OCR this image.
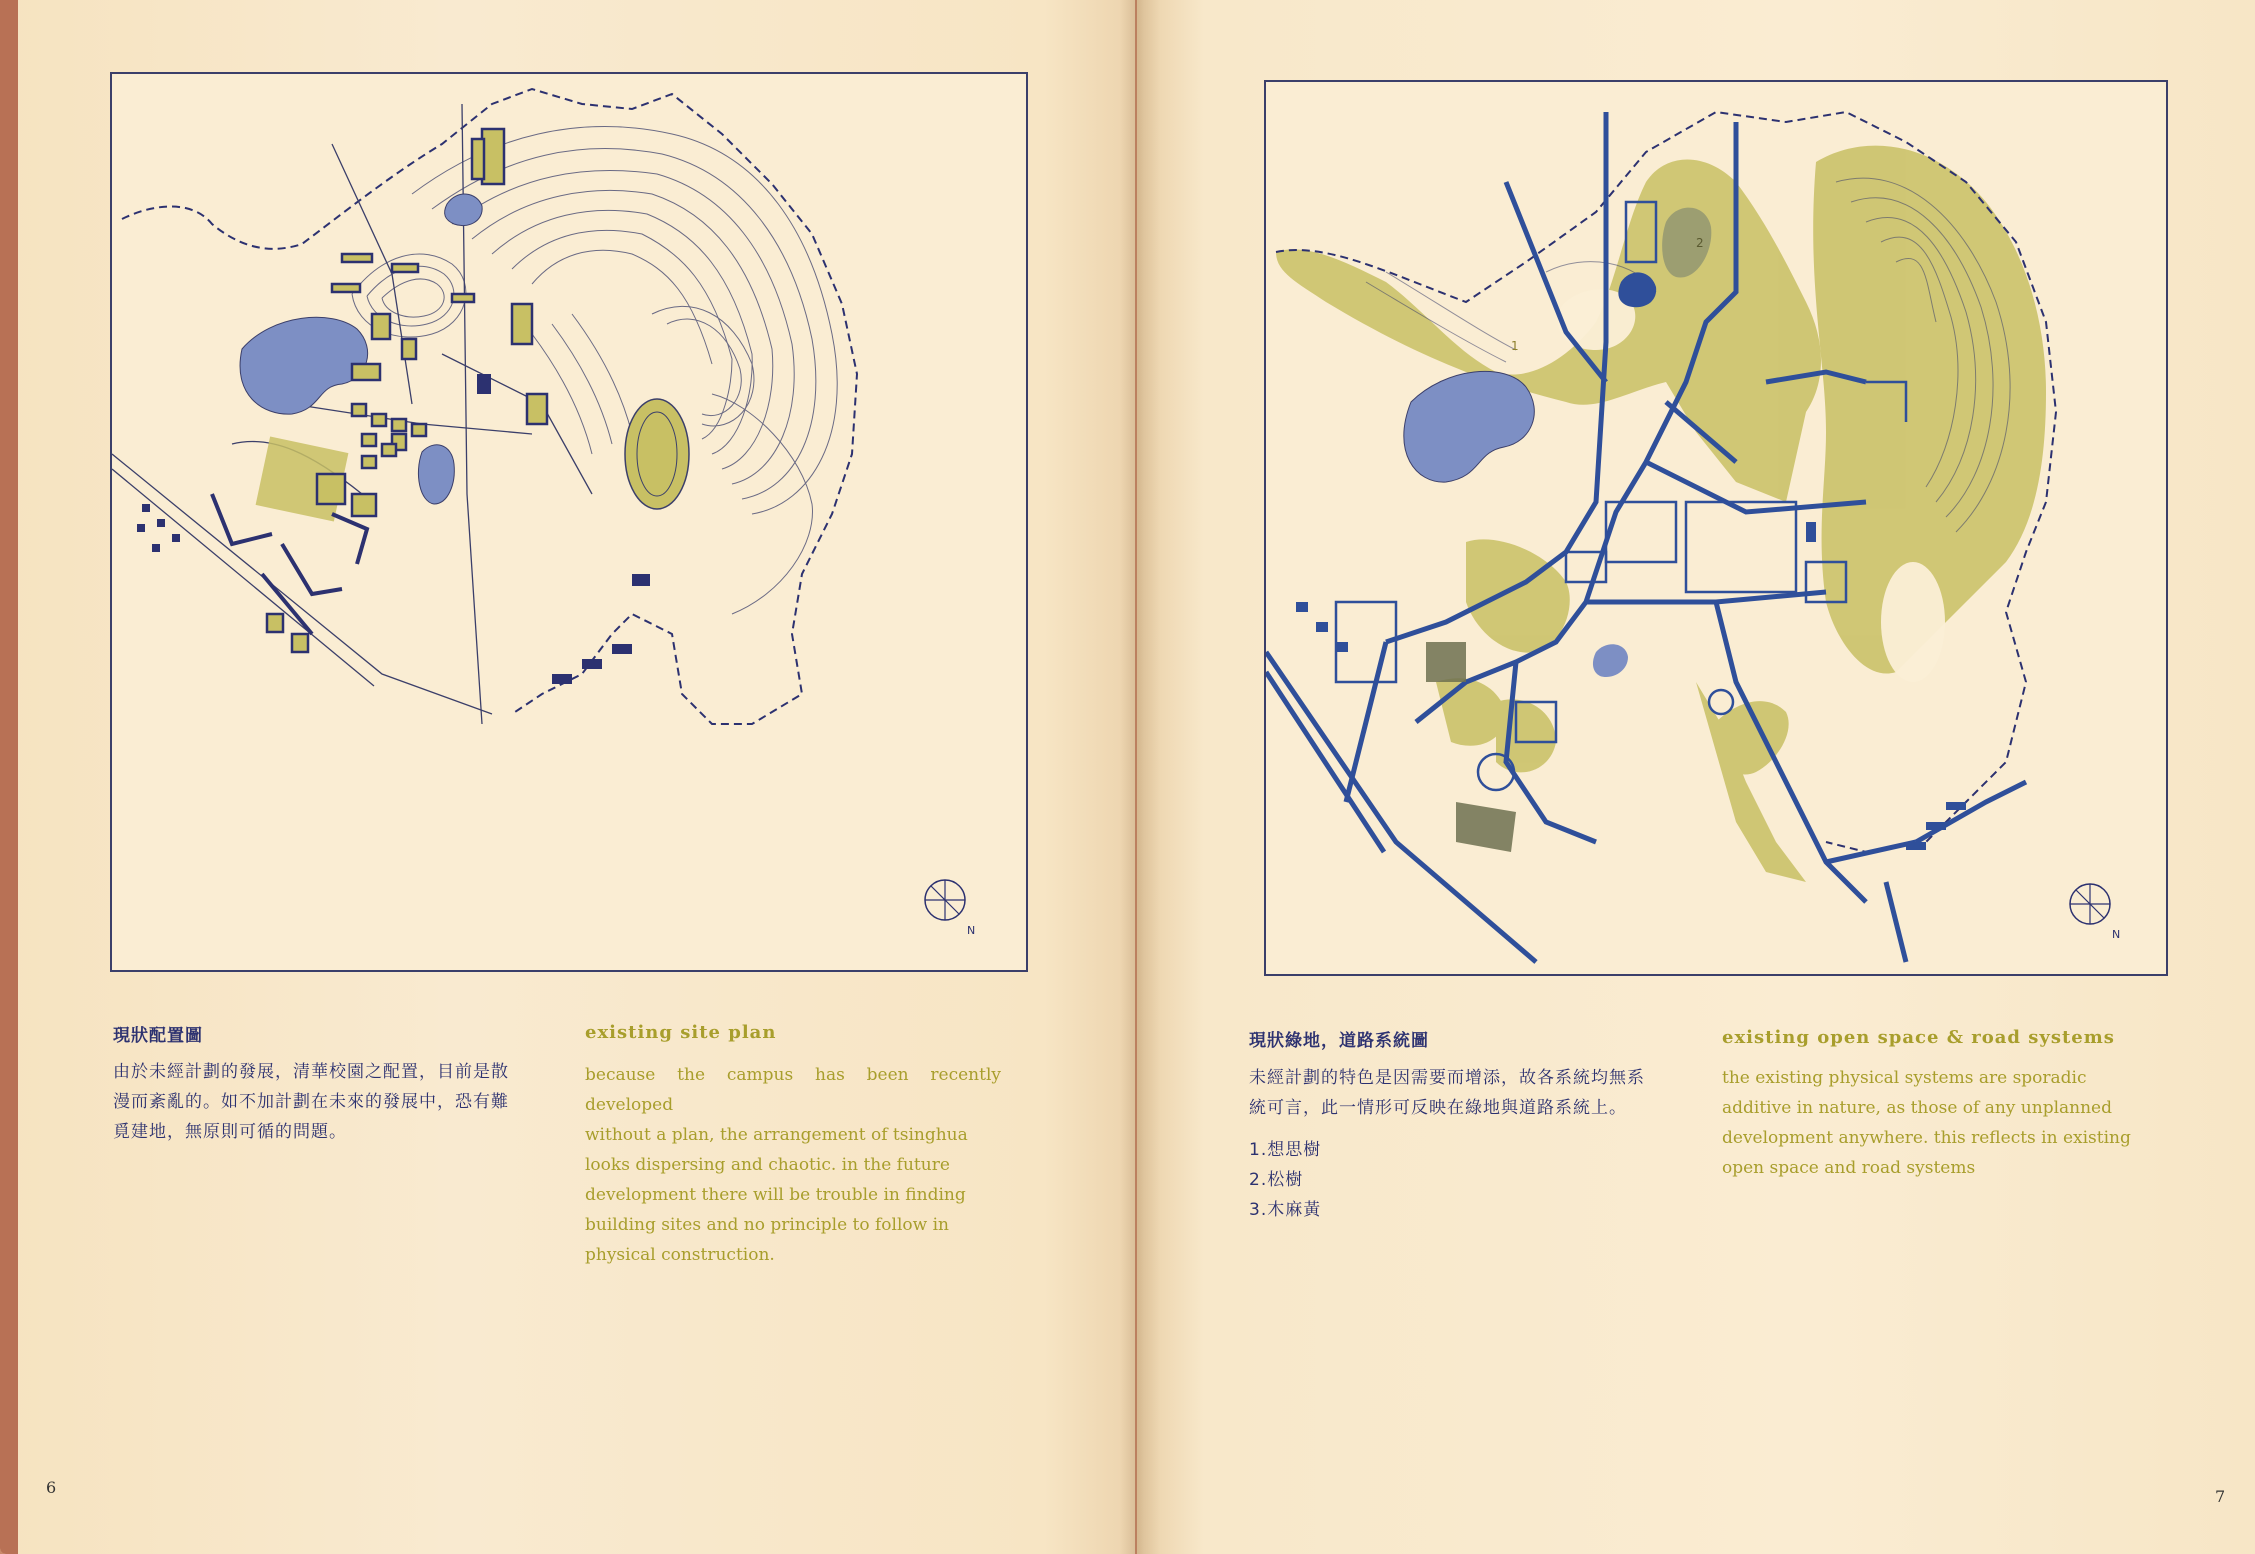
N
現狀配置圖
由於未經計劃的發展，清華校園之配置，目前是散
漫而紊亂的。如不加計劃在未來的發展中，恐有難
覓建地，無原則可循的問題。
existing site plan
because the campus has been recently developed
without a plan, the arrangement of tsinghua
looks dispersing and chaotic. in the future
development there will be trouble in finding
building sites and no principle to follow in
physical construction.
6
2
1
N
現狀綠地，道路系統圖
未經計劃的特色是因需要而增添，故各系統均無系
統可言，此一情形可反映在綠地與道路系統上。
1.想思樹
2.松樹
3.木麻黃
existing open space & road systems
the existing physical systems are sporadic
additive in nature, as those of any unplanned
development anywhere. this reflects in existing
open space and road systems
7
